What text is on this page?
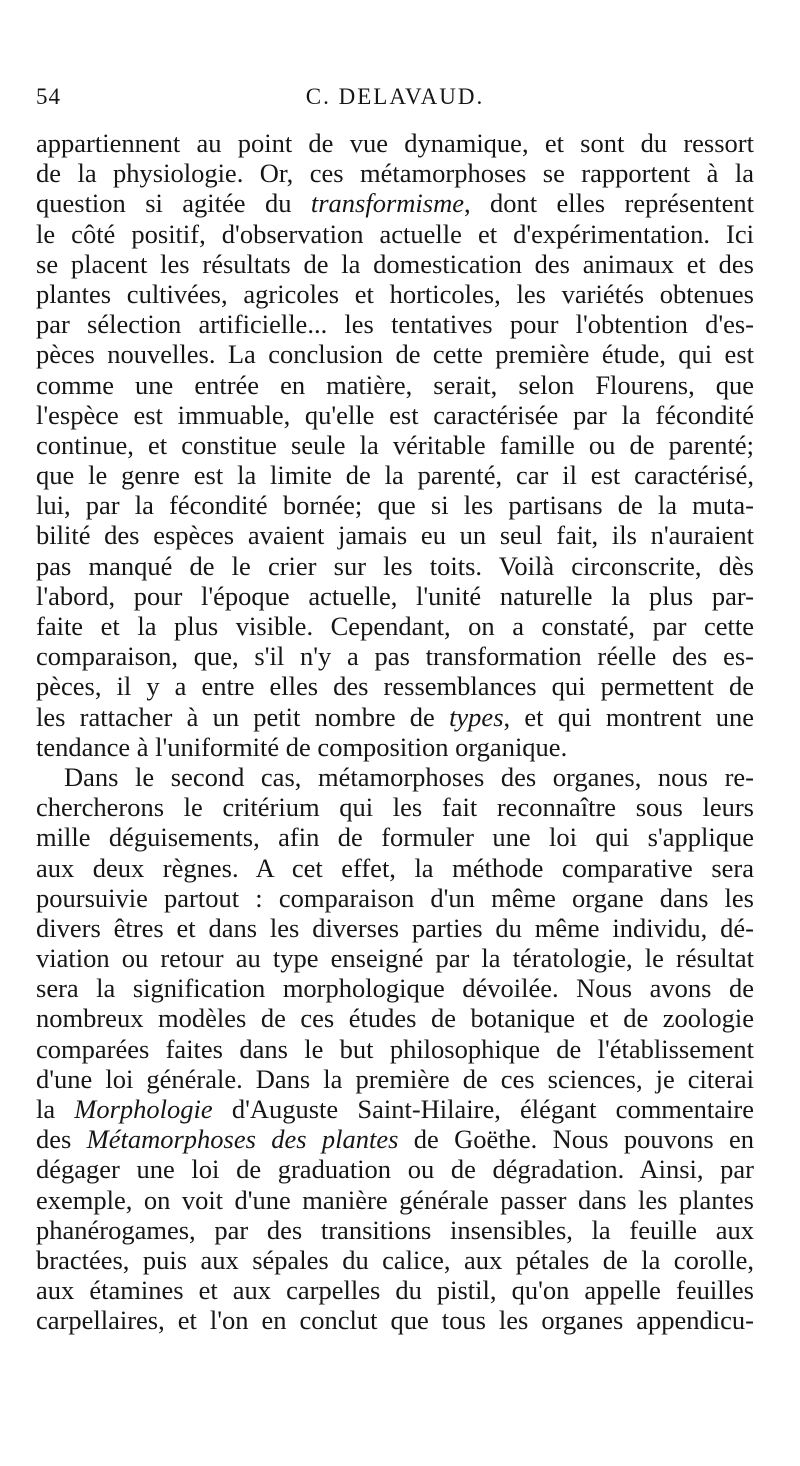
54	C. DELAVAUD.
appartiennent au point de vue dynamique, et sont du ressort
de la physiologie. Or, ces métamorphoses se rapportent à la
question si agitée du transformisme, dont elles représentent
le côté positif, d'observation actuelle et d'expérimentation. Ici
se placent les résultats de la domestication des animaux et des
plantes cultivées, agricoles et horticoles, les variétés obtenues
par sélection artificielle... les tentatives pour l'obtention d'es-
pèces nouvelles. La conclusion de cette première étude, qui est
comme une entrée en matière, serait, selon Flourens, que
l'espèce est immuable, qu'elle est caractérisée par la fécondité
continue, et constitue seule la véritable famille ou de parenté;
que le genre est la limite de la parenté, car il est caractérisé,
lui, par la fécondité bornée; que si les partisans de la muta-
bilité des espèces avaient jamais eu un seul fait, ils n'auraient
pas manqué de le crier sur les toits. Voilà circonscrite, dès
l'abord, pour l'époque actuelle, l'unité naturelle la plus par-
faite et la plus visible. Cependant, on a constaté, par cette
comparaison, que, s'il n'y a pas transformation réelle des es-
pèces, il y a entre elles des ressemblances qui permettent de
les rattacher à un petit nombre de types, et qui montrent une
tendance à l'uniformité de composition organique.
Dans le second cas, métamorphoses des organes, nous re-
chercherons le critérium qui les fait reconnaître sous leurs
mille déguisements, afin de formuler une loi qui s'applique
aux deux règnes. A cet effet, la méthode comparative sera
poursuivie partout : comparaison d'un même organe dans les
divers êtres et dans les diverses parties du même individu, dé-
viation ou retour au type enseigné par la tératologie, le résultat
sera la signification morphologique dévoilée. Nous avons de
nombreux modèles de ces études de botanique et de zoologie
comparées faites dans le but philosophique de l'établissement
d'une loi générale. Dans la première de ces sciences, je citerai
la Morphologie d'Auguste Saint-Hilaire, élégant commentaire
des Métamorphoses des plantes de Goëthe. Nous pouvons en
dégager une loi de graduation ou de dégradation. Ainsi, par
exemple, on voit d'une manière générale passer dans les plantes
phanérogames, par des transitions insensibles, la feuille aux
bractées, puis aux sépales du calice, aux pétales de la corolle,
aux étamines et aux carpelles du pistil, qu'on appelle feuilles
carpellaires, et l'on en conclut que tous les organes appendicu-
